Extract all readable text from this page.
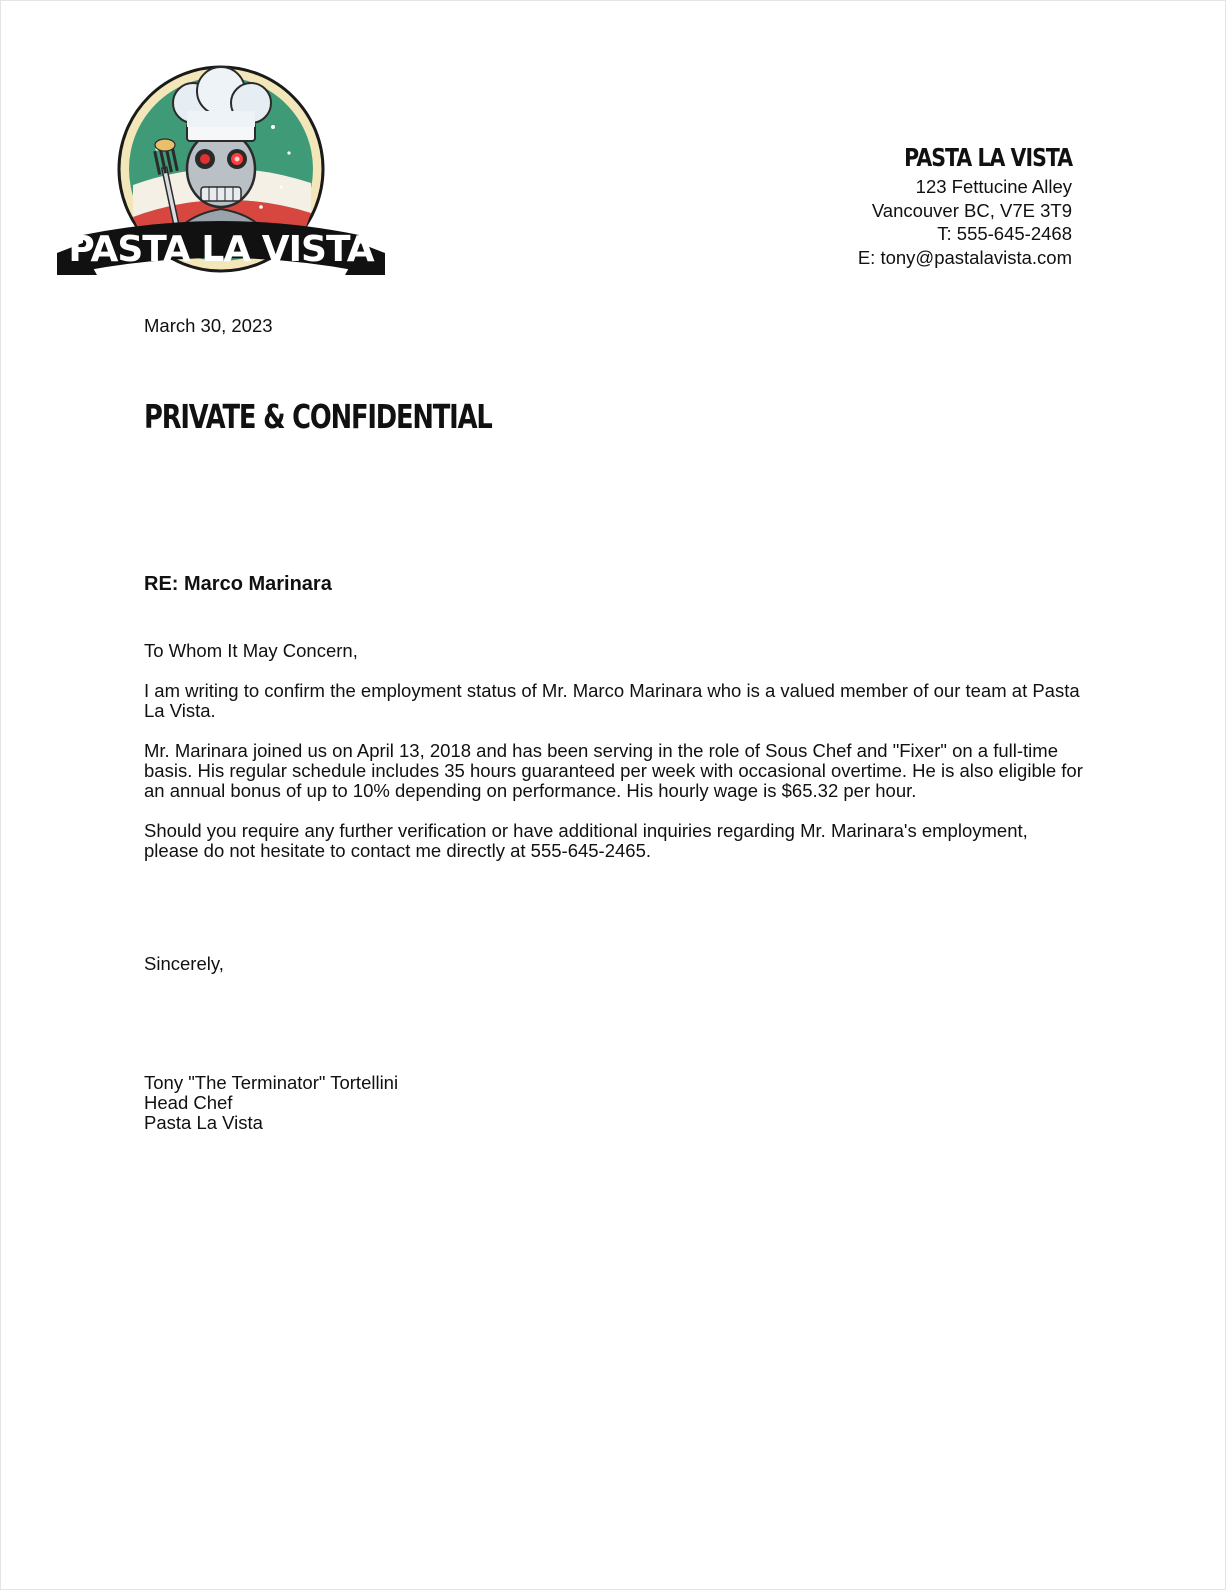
PASTA LA VISTA
PASTA LA VISTA
123 Fettucine Alley
Vancouver BC, V7E 3T9
T: 555-645-2468
E: tony@pastalavista.com
March 30, 2023
PRIVATE & CONFIDENTIAL
RE: Marco Marinara

To Whom It May Concern,

I am writing to confirm the employment status of Mr. Marco Marinara who is a valued member of our team at Pasta La Vista.

Mr. Marinara joined us on April 13, 2018 and has been serving in the role of Sous Chef and "Fixer" on a full-time basis. His regular schedule includes 35 hours guaranteed per week with occasional overtime. He is also eligible for an annual bonus of up to 10% depending on performance. His hourly wage is $65.32 per hour.

Should you require any further verification or have additional inquiries regarding Mr. Marinara's employment, please do not hesitate to contact me directly at 555-645-2465.

Sincerely,
Tony "The Terminator" Tortellini
Head Chef
Pasta La Vista
